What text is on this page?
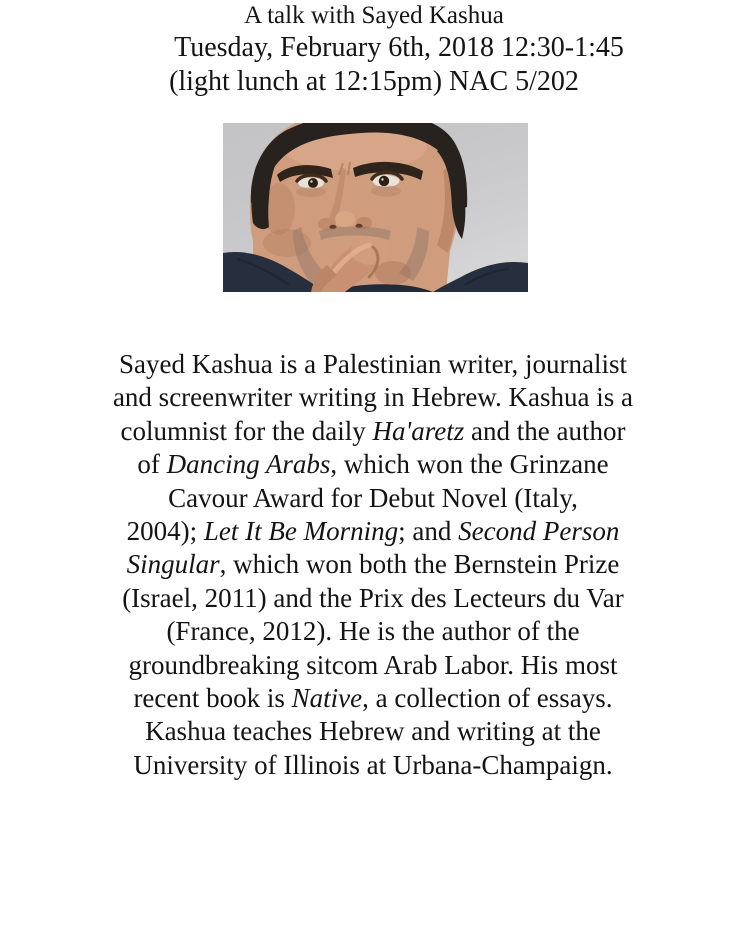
A talk with Sayed Kashua
Tuesday, February 6th, 2018 12:30-1:45
(light lunch at 12:15pm) NAC 5/202
Sayed Kashua is a Palestinian writer, journalist
and screenwriter writing in Hebrew. Kashua is a
columnist for the daily Ha'aretz and the author
of Dancing Arabs, which won the Grinzane
Cavour Award for Debut Novel (Italy,
2004); Let It Be Morning; and Second Person
Singular, which won both the Bernstein Prize
(Israel, 2011) and the Prix des Lecteurs du Var
(France, 2012). He is the author of the
groundbreaking sitcom Arab Labor. His most
recent book is Native, a collection of essays.
Kashua teaches Hebrew and writing at the
University of Illinois at Urbana-Champaign.
